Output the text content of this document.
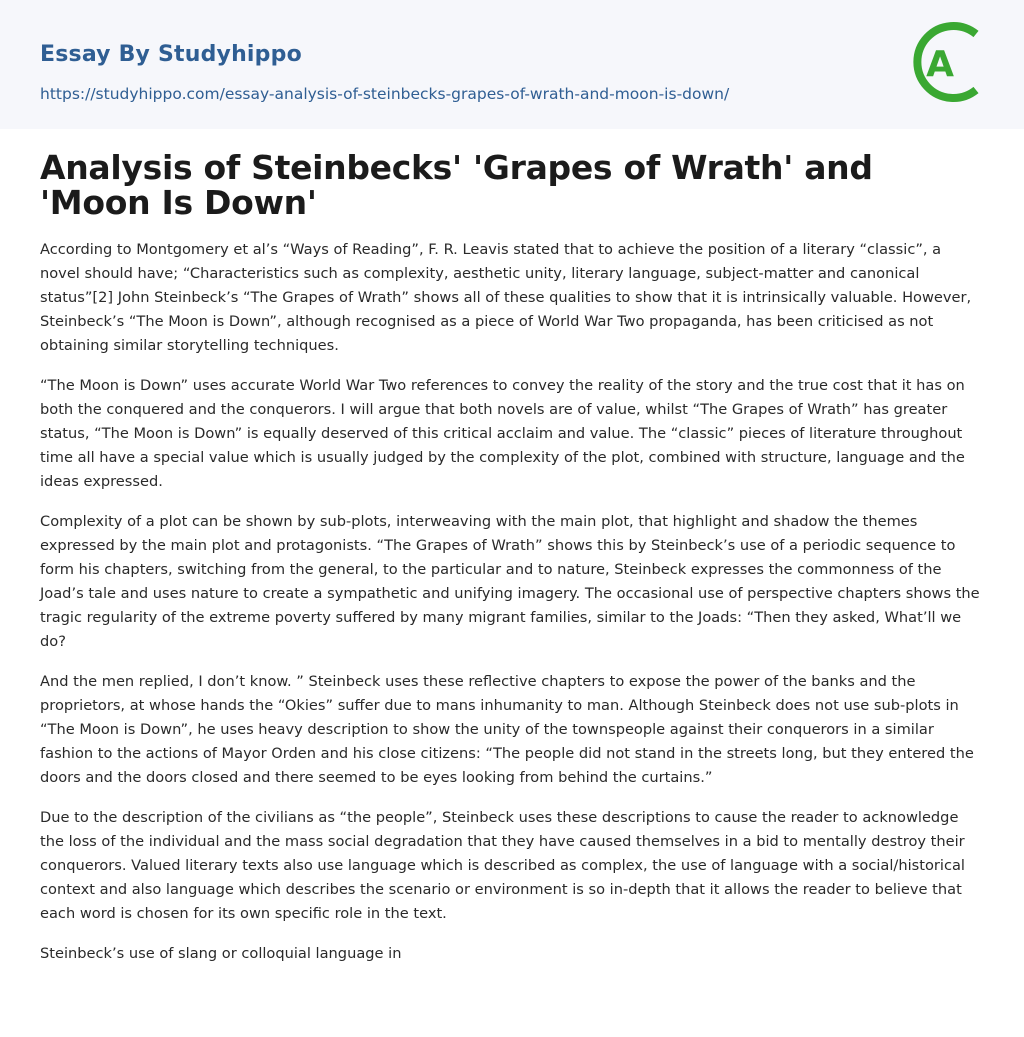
Essay By Studyhippo
https://studyhippo.com/essay-analysis-of-steinbecks-grapes-of-wrath-and-moon-is-down/
A
Analysis of Steinbecks' 'Grapes of Wrath' and 'Moon Is Down'

According to Montgomery et al’s “Ways of Reading”, F. R. Leavis stated that to achieve the position of a literary “classic”, a novel should have; “Characteristics such as complexity, aesthetic unity, literary language, subject-matter and canonical status”[2] John Steinbeck’s “The Grapes of Wrath” shows all of these qualities to show that it is intrinsically valuable. However, Steinbeck’s “The Moon is Down”, although recognised as a piece of World War Two propaganda, has been criticised as not obtaining similar storytelling techniques.

“The Moon is Down” uses accurate World War Two references to convey the reality of the story and the true cost that it has on both the conquered and the conquerors. I will argue that both novels are of value, whilst “The Grapes of Wrath” has greater status, “The Moon is Down” is equally deserved of this critical acclaim and value. The “classic” pieces of literature throughout time all have a special value which is usually judged by the complexity of the plot, combined with structure, language and the ideas expressed.

Complexity of a plot can be shown by sub-plots, interweaving with the main plot, that highlight and shadow the themes expressed by the main plot and protagonists. “The Grapes of Wrath” shows this by Steinbeck’s use of a periodic sequence to form his chapters, switching from the general, to the particular and to nature, Steinbeck expresses the commonness of the Joad’s tale and uses nature to create a sympathetic and unifying imagery. The occasional use of perspective chapters shows the tragic regularity of the extreme poverty suffered by many migrant families, similar to the Joads: “Then they asked, What’ll we do?

And the men replied, I don’t know. ” Steinbeck uses these reflective chapters to expose the power of the banks and the proprietors, at whose hands the “Okies” suffer due to mans inhumanity to man. Although Steinbeck does not use sub-plots in “The Moon is Down”, he uses heavy description to show the unity of the townspeople against their conquerors in a similar fashion to the actions of Mayor Orden and his close citizens: “The people did not stand in the streets long, but they entered the doors and the doors closed and there seemed to be eyes looking from behind the curtains.”

Due to the description of the civilians as “the people”, Steinbeck uses these descriptions to cause the reader to acknowledge the loss of the individual and the mass social degradation that they have caused themselves in a bid to mentally destroy their conquerors. Valued literary texts also use language which is described as complex, the use of language with a social/historical context and also language which describes the scenario or environment is so in-depth that it allows the reader to believe that each word is chosen for its own specific role in the text.

Steinbeck’s use of slang or colloquial language in
